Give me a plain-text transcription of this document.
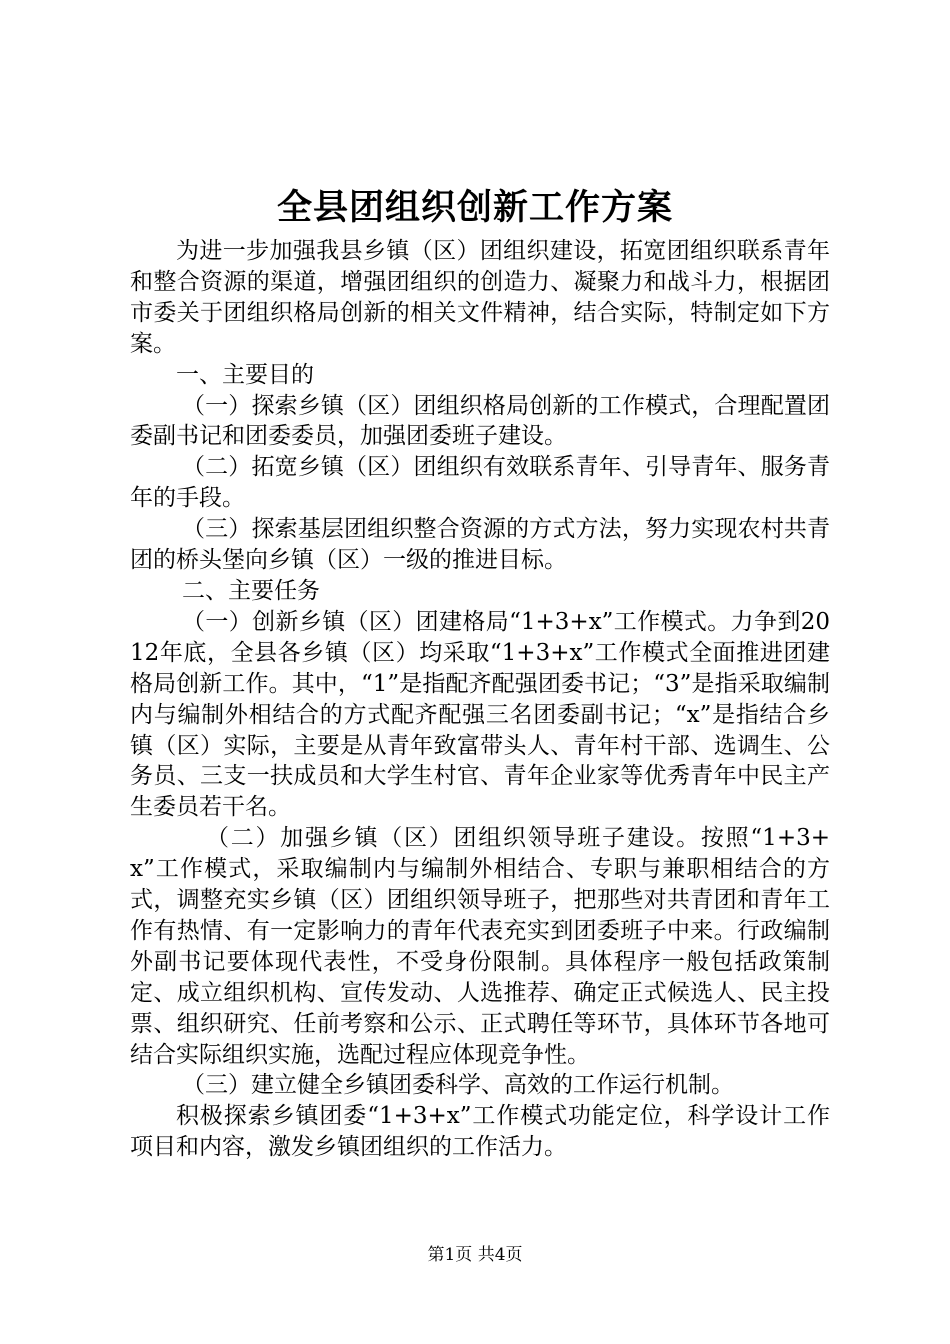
全县团组织创新工作方案

为进一步加强我县乡镇（区）团组织建设，拓宽团组织联系青年和整合资源的渠道，增强团组织的创造力、凝聚力和战斗力，根据团市委关于团组织格局创新的相关文件精神，结合实际，特制定如下方案。

一、主要目的

（一）探索乡镇（区）团组织格局创新的工作模式，合理配置团委副书记和团委委员，加强团委班子建设。

（二）拓宽乡镇（区）团组织有效联系青年、引导青年、服务青年的手段。

（三）探索基层团组织整合资源的方式方法，努力实现农村共青团的桥头堡向乡镇（区）一级的推进目标。

二、主要任务

（一）创新乡镇（区）团建格局“1+3+x”工作模式。力争到2012年底，全县各乡镇（区）均采取“1+3+x”工作模式全面推进团建格局创新工作。其中，“1”是指配齐配强团委书记；“3”是指采取编制内与编制外相结合的方式配齐配强三名团委副书记；“x”是指结合乡镇（区）实际，主要是从青年致富带头人、青年村干部、选调生、公务员、三支一扶成员和大学生村官、青年企业家等优秀青年中民主产生委员若干名。

（二）加强乡镇（区）团组织领导班子建设。按照“1+3+x”工作模式，采取编制内与编制外相结合、专职与兼职相结合的方式，调整充实乡镇（区）团组织领导班子，把那些对共青团和青年工作有热情、有一定影响力的青年代表充实到团委班子中来。行政编制外副书记要体现代表性，不受身份限制。具体程序一般包括政策制定、成立组织机构、宣传发动、人选推荐、确定正式候选人、民主投票、组织研究、任前考察和公示、正式聘任等环节，具体环节各地可结合实际组织实施，选配过程应体现竞争性。

（三）建立健全乡镇团委科学、高效的工作运行机制。

积极探索乡镇团委“1+3+x”工作模式功能定位，科学设计工作项目和内容，激发乡镇团组织的工作活力。

第1页 共4页
